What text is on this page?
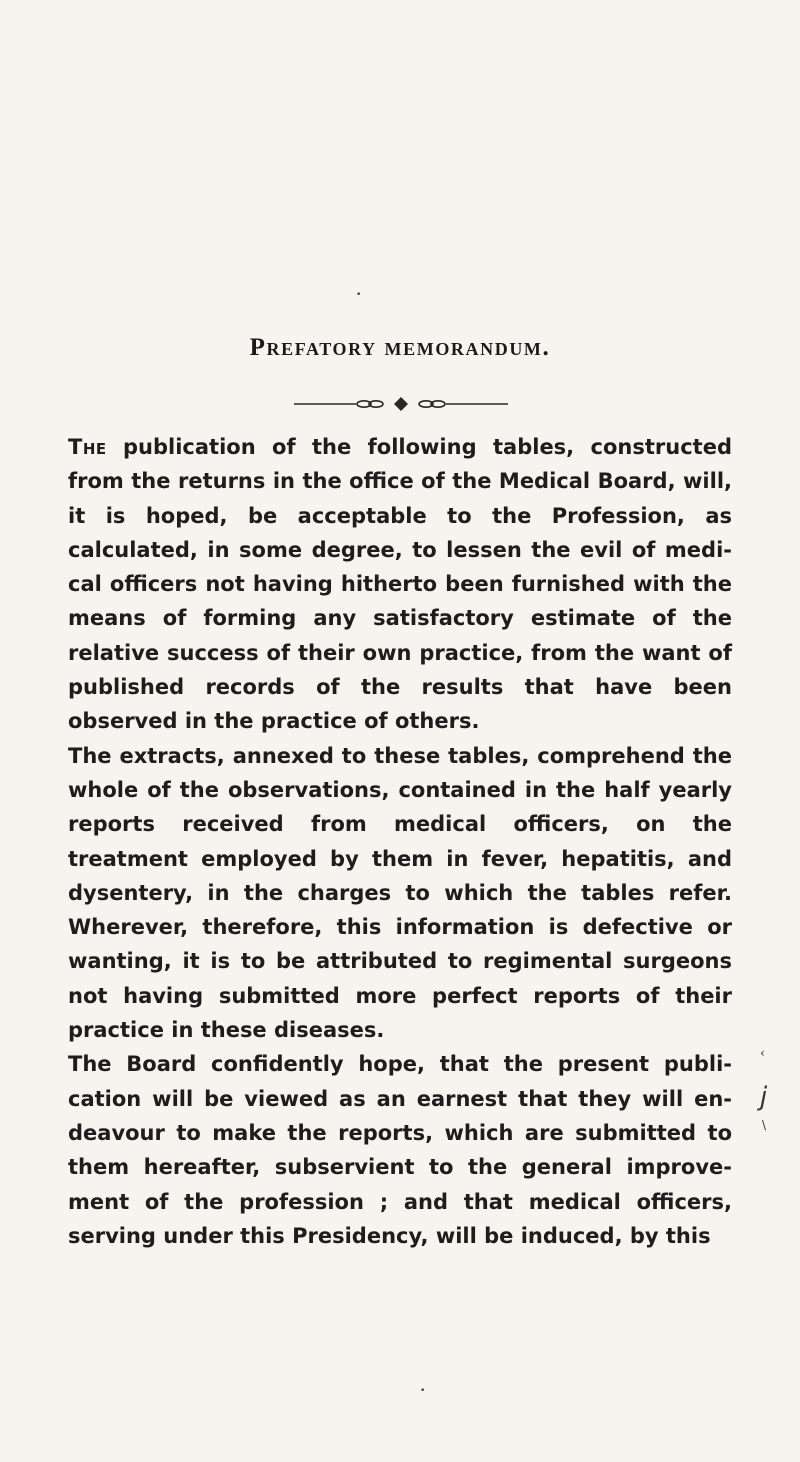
•
Prefatory memorandum.

The publication of the following tables, constructed from the returns in the office of the Medical Board, will, it is hoped, be acceptable to the Profession, as calculated, in some degree, to lessen the evil of medical officers not having hitherto been furnished with the means of forming any satisfactory estimate of the relative success of their own practice, from the want of published records of the results that have been observed in the practice of others.

The extracts, annexed to these tables, comprehend the whole of the observations, contained in the half yearly reports received from medical officers, on the treatment employed by them in fever, hepatitis, and dysentery, in the charges to which the tables refer. Wherever, therefore, this information is defective or wanting, it is to be attributed to regimental surgeons not having submitted more perfect reports of their practice in these diseases.

The Board confidently hope, that the present publication will be viewed as an earnest that they will endeavour to make the reports, which are submitted to them hereafter, subservient to the general improvement of the profession ; and that medical officers, serving under this Presidency, will be induced, by this

‹
j
\
•
